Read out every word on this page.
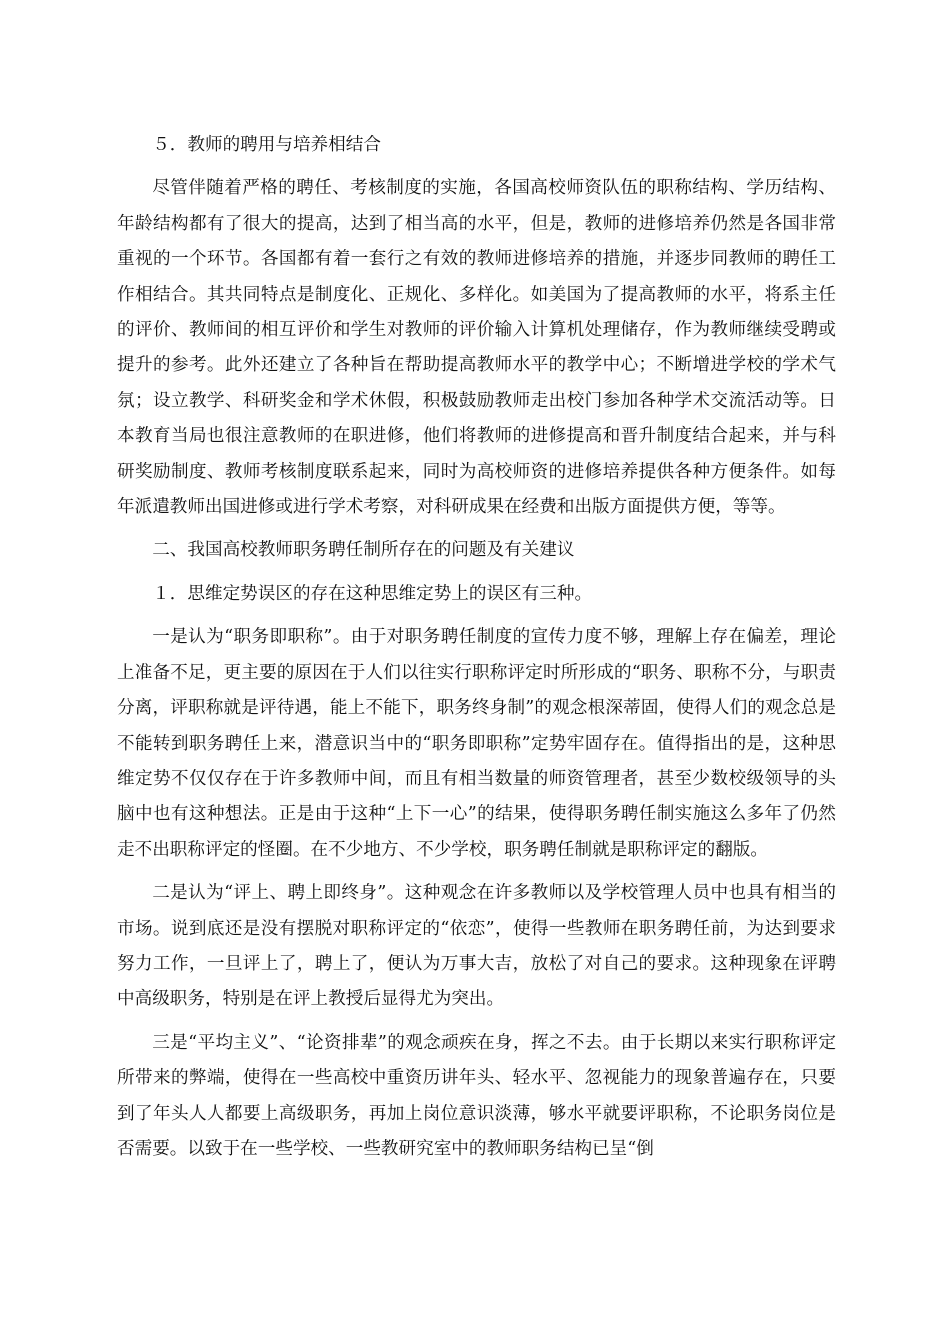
５．教师的聘用与培养相结合

尽管伴随着严格的聘任、考核制度的实施，各国高校师资队伍的职称结构、学历结构、年龄结构都有了很大的提高，达到了相当高的水平，但是，教师的进修培养仍然是各国非常重视的一个环节。各国都有着一套行之有效的教师进修培养的措施，并逐步同教师的聘任工作相结合。其共同特点是制度化、正规化、多样化。如美国为了提高教师的水平，将系主任的评价、教师间的相互评价和学生对教师的评价输入计算机处理储存，作为教师继续受聘或提升的参考。此外还建立了各种旨在帮助提高教师水平的教学中心；不断增进学校的学术气氛；设立教学、科研奖金和学术休假，积极鼓励教师走出校门参加各种学术交流活动等。日本教育当局也很注意教师的在职进修，他们将教师的进修提高和晋升制度结合起来，并与科研奖励制度、教师考核制度联系起来，同时为高校师资的进修培养提供各种方便条件。如每年派遣教师出国进修或进行学术考察，对科研成果在经费和出版方面提供方便，等等。

二、我国高校教师职务聘任制所存在的问题及有关建议

１．思维定势误区的存在这种思维定势上的误区有三种。

一是认为“职务即职称”。由于对职务聘任制度的宣传力度不够，理解上存在偏差，理论上准备不足，更主要的原因在于人们以往实行职称评定时所形成的“职务、职称不分，与职责分离，评职称就是评待遇，能上不能下，职务终身制”的观念根深蒂固，使得人们的观念总是不能转到职务聘任上来，潜意识当中的“职务即职称”定势牢固存在。值得指出的是，这种思维定势不仅仅存在于许多教师中间，而且有相当数量的师资管理者，甚至少数校级领导的头脑中也有这种想法。正是由于这种“上下一心”的结果，使得职务聘任制实施这么多年了仍然走不出职称评定的怪圈。在不少地方、不少学校，职务聘任制就是职称评定的翻版。

二是认为“评上、聘上即终身”。这种观念在许多教师以及学校管理人员中也具有相当的市场。说到底还是没有摆脱对职称评定的“依恋”，使得一些教师在职务聘任前，为达到要求努力工作，一旦评上了，聘上了，便认为万事大吉，放松了对自己的要求。这种现象在评聘中高级职务，特别是在评上教授后显得尤为突出。

三是“平均主义”、“论资排辈”的观念顽疾在身，挥之不去。由于长期以来实行职称评定所带来的弊端，使得在一些高校中重资历讲年头、轻水平、忽视能力的现象普遍存在，只要到了年头人人都要上高级职务，再加上岗位意识淡薄，够水平就要评职称，不论职务岗位是否需要。以致于在一些学校、一些教研究室中的教师职务结构已呈“倒
